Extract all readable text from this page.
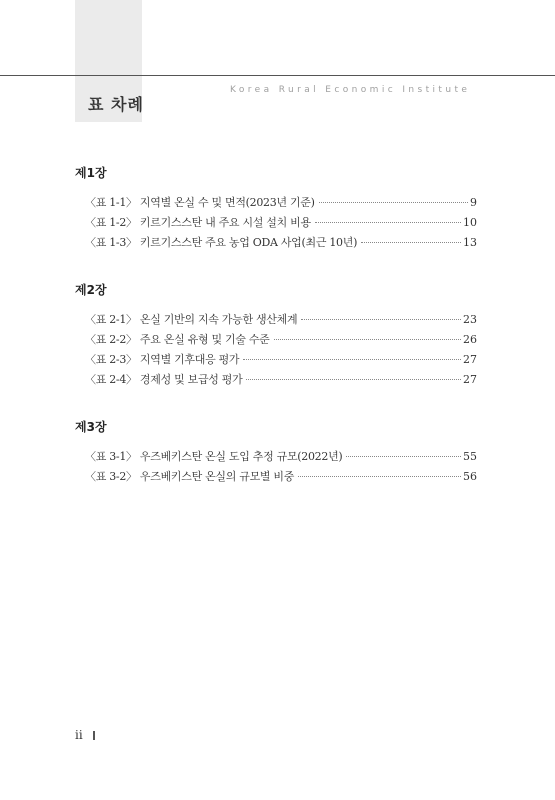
표 차례
Korea Rural Economic Institute
제1장
〈표 1-1〉 지역별 온실 수 및 면적(2023년 기준)	9
〈표 1-2〉 키르기스스탄 내 주요 시설 설치 비용	10
〈표 1-3〉 키르기스스탄 주요 농업 ODA 사업(최근 10년)	13
제2장
〈표 2-1〉 온실 기반의 지속 가능한 생산체계	23
〈표 2-2〉 주요 온실 유형 및 기술 수준	26
〈표 2-3〉 지역별 기후대응 평가	27
〈표 2-4〉 경제성 및 보급성 평가	27
제3장
〈표 3-1〉 우즈베키스탄 온실 도입 추정 규모(2022년)	55
〈표 3-2〉 우즈베키스탄 온실의 규모별 비중	56
ii
